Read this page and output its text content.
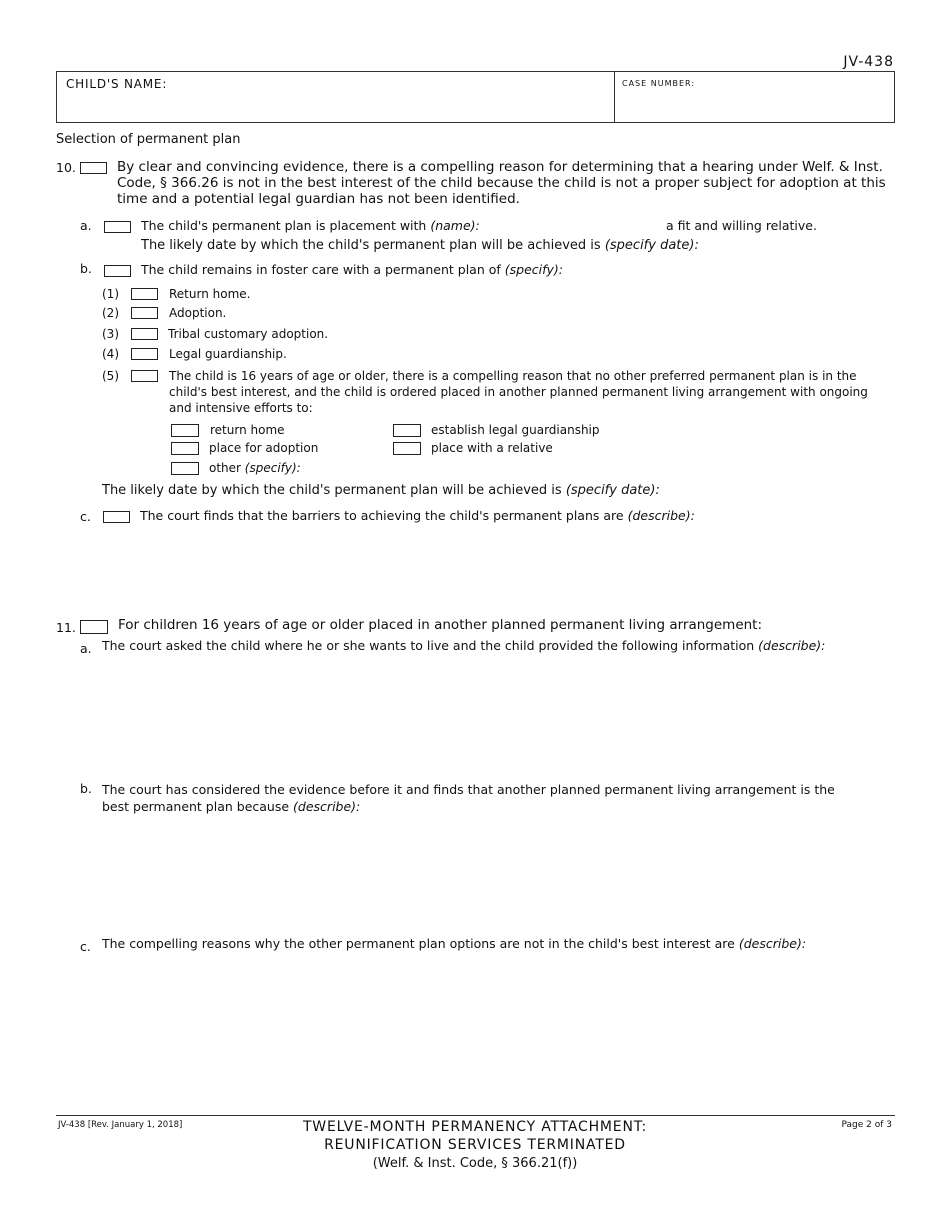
JV-438
CHILD'S NAME:	CASE NUMBER:
Selection of permanent plan
10.	By clear and convincing evidence, there is a compelling reason for determining that a hearing under Welf. & Inst. Code, § 366.26 is not in the best interest of the child because the child is not a proper subject for adoption at this time and a potential legal guardian has not been identified.
a.	The child's permanent plan is placement with (name):	a fit and willing relative.
The likely date by which the child's permanent plan will be achieved is (specify date):
b.	The child remains in foster care with a permanent plan of (specify):
(1)	Return home.
(2)	Adoption.
(3)	Tribal customary adoption.
(4)	Legal guardianship.
(5)	The child is 16 years of age or older, there is a compelling reason that no other preferred permanent plan is in the child's best interest, and the child is ordered placed in another planned permanent living arrangement with ongoing and intensive efforts to:
return home	establish legal guardianship
place for adoption	place with a relative
other (specify):
The likely date by which the child's permanent plan will be achieved is (specify date):
c.	The court finds that the barriers to achieving the child's permanent plans are (describe):
11.	For children 16 years of age or older placed in another planned permanent living arrangement:
a. The court asked the child where he or she wants to live and the child provided the following information (describe):
b. The court has considered the evidence before it and finds that another planned permanent living arrangement is the best permanent plan because (describe):
c. The compelling reasons why the other permanent plan options are not in the child's best interest are (describe):
JV-438 [Rev. January 1, 2018]	Page 2 of 3
TWELVE-MONTH PERMANENCY ATTACHMENT:
REUNIFICATION SERVICES TERMINATED
(Welf. & Inst. Code, § 366.21(f))
